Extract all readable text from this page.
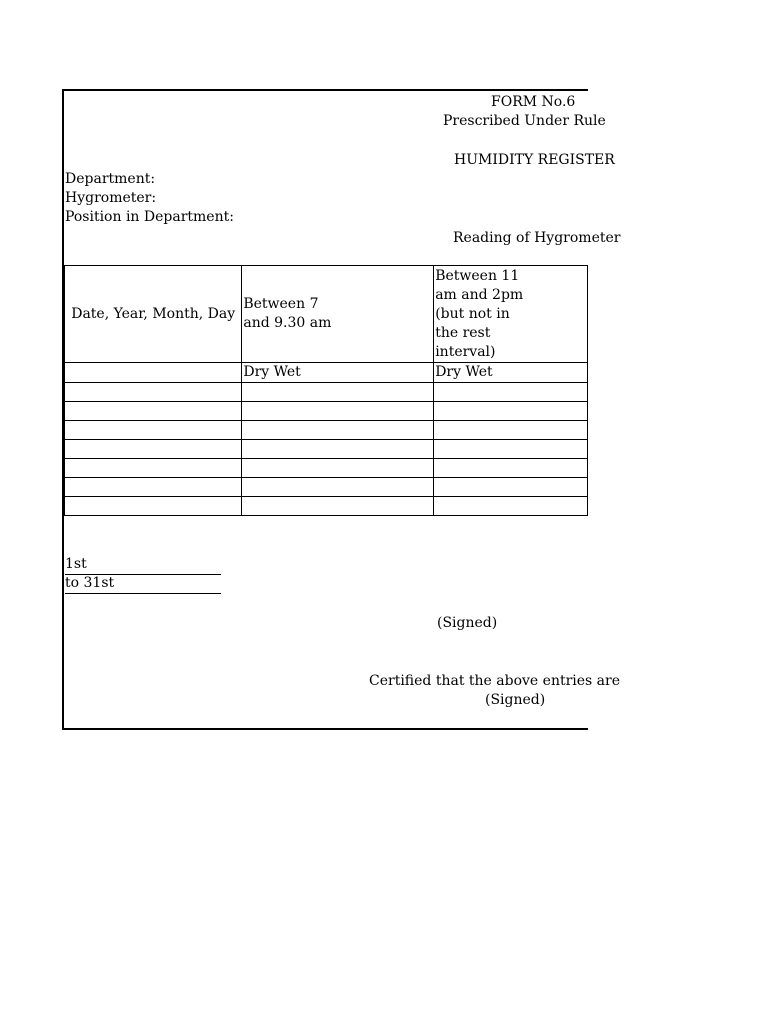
FORM No.6
Prescribed Under Rule
HUMIDITY REGISTER
Department:
Hygrometer:
Position in Department:
Reading of Hygrometer
Date, Year, Month, Day	Between 7 and 9.30 am	Between 11 am and 2pm (but not in the rest interval)

	Dry Wet	Dry Wet

1st
to 31st
(Signed)
Certified that the above entries are
(Signed)
